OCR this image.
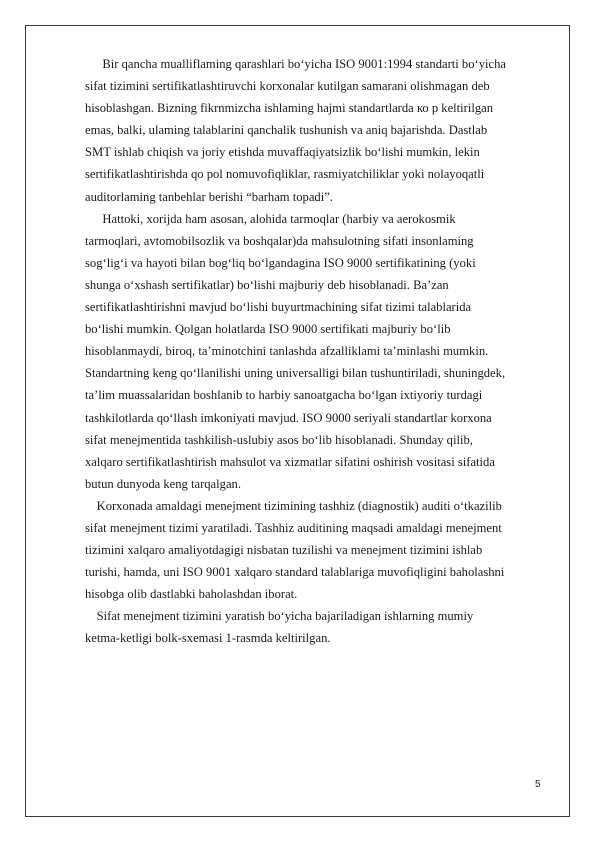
Bir qancha mualliflaming qarashlari bo‘yicha ISO 9001:1994 standarti bo‘yicha
sifat tizimini sertifikatlashtiruvchi korxonalar kutilgan samarani olishmagan deb
hisoblashgan. Bizning fikrnmizcha ishlaming hajmi standartlarda ко p keltirilgan
emas, balki, ulaming talablarini qanchalik tushunish va aniq bajarishda. Dastlab
SMT ishlab chiqish va joriy etishda muvaffaqiyatsizlik bo‘lishi mumkin, lekin
sertifikatlashtirishda qo pol nomuvofiqliklar, rasmiyatchiliklar yoki nolayoqatli
auditorlaming tanbehlar berishi “barham topadi”.

Hattoki, xorijda ham asosan, alohida tarmoqlar (harbiy va aerokosmik
tarmoqlari, avtomobilsozlik va boshqalar)da mahsulotning sifati insonlaming
sog‘lig‘i va hayoti bilan bog‘liq bo‘lgandagina ISO 9000 sertifikatining (yoki
shunga o‘xshash sertifikatlar) bo‘lishi majburiy deb hisoblanadi. Ba’zan
sertifikatlashtirishni mavjud bo‘lishi buyurtmachining sifat tizimi talablarida
bo‘lishi mumkin. Qolgan holatlarda ISO 9000 sertifikati majburiy bo‘lib
hisoblanmaydi, biroq, ta’minotchini tanlashda afzalliklami ta’minlashi mumkin.
Standartning keng qo‘llanilishi uning universalligi bilan tushuntiriladi, shuningdek,
ta’lim muassalaridan boshlanib to harbiy sanoatgacha bo‘lgan ixtiyoriy turdagi
tashkilotlarda qo‘llash imkoniyati mavjud. ISO 9000 seriyali standartlar korxona
sifat menejmentida tashkilish-uslubiy asos bo‘lib hisoblanadi. Shunday qilib,
xalqaro sertifikatlashtirish mahsulot va xizmatlar sifatini oshirish vositasi sifatida
butun dunyoda keng tarqalgan.

Korxonada amaldagi menejment tizimining tashhiz (diagnostik) auditi o‘tkazilib
sifat menejment tizimi yaratiladi. Tashhiz auditining maqsadi amaldagi menejment
tizimini xalqaro amaliyotdagigi nisbatan tuzilishi va menejment tizimini ishlab
turishi, hamda, uni ISO 9001 xalqaro standard talablariga muvofiqligini baholashni
hisobga olib dastlabki baholashdan iborat.

Sifat menejment tizimini yaratish bo‘yicha bajariladigan ishlarning mumiy
ketma-ketligi bolk-sxemasi 1-rasmda keltirilgan.

5
